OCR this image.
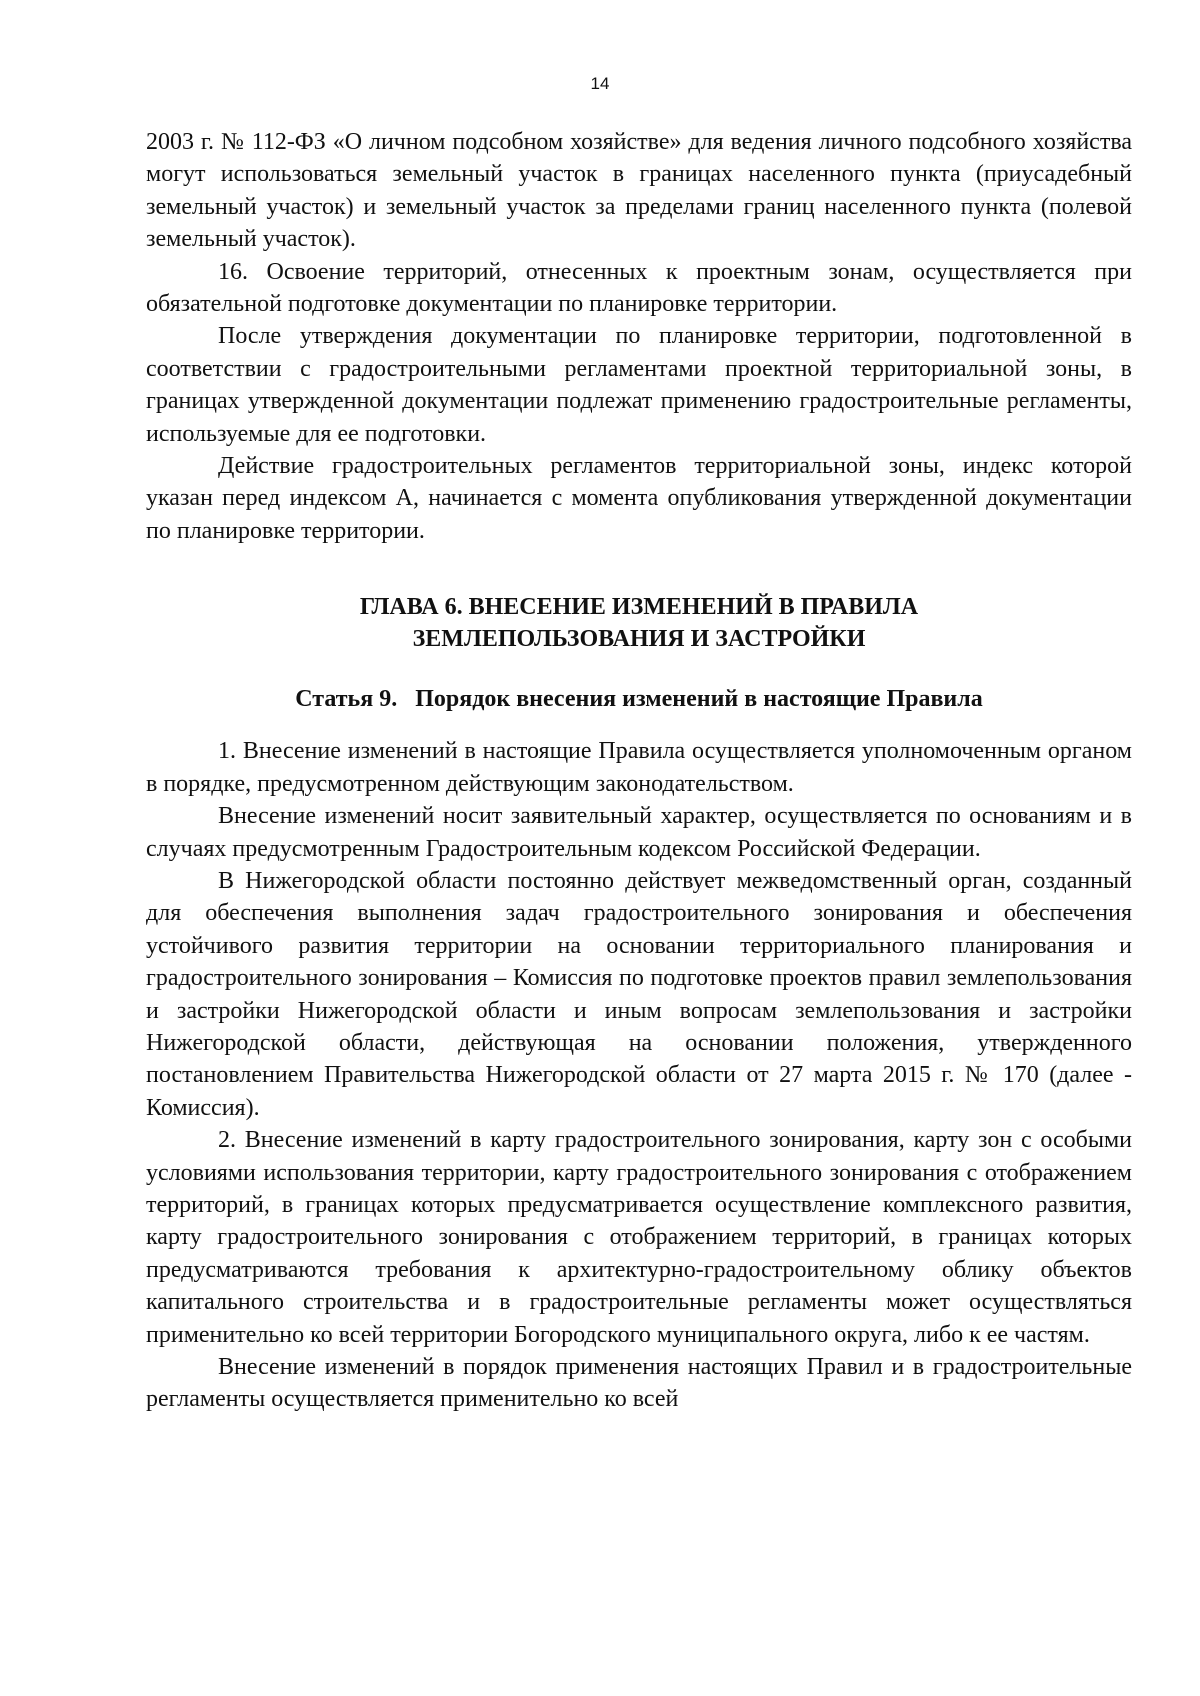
14

2003 г. № 112-ФЗ «О личном подсобном хозяйстве» для ведения личного подсобного хозяйства могут использоваться земельный участок в границах населенного пункта (приусадебный земельный участок) и земельный участок за пределами границ населенного пункта (полевой земельный участок).

16. Освоение территорий, отнесенных к проектным зонам, осуществляется при обязательной подготовке документации по планировке территории.

После утверждения документации по планировке территории, подготовленной в соответствии с градостроительными регламентами проектной территориальной зоны, в границах утвержденной документации подлежат применению градостроительные регламенты, используемые для ее подготовки.

Действие градостроительных регламентов территориальной зоны, индекс которой указан перед индексом А, начинается с момента опубликования утвержденной документации по планировке территории.

ГЛАВА 6. ВНЕСЕНИЕ ИЗМЕНЕНИЙ В ПРАВИЛА
ЗЕМЛЕПОЛЬЗОВАНИЯ И ЗАСТРОЙКИ
Статья 9.   Порядок внесения изменений в настоящие Правила

1. Внесение изменений в настоящие Правила осуществляется уполномоченным органом в порядке, предусмотренном действующим законодательством.

Внесение изменений носит заявительный характер, осуществляется по основаниям и в случаях предусмотренным Градостроительным кодексом Российской Федерации.

В Нижегородской области постоянно действует межведомственный орган, созданный для обеспечения выполнения задач градостроительного зонирования и обеспечения устойчивого развития территории на основании территориального планирования и градостроительного зонирования – Комиссия по подготовке проектов правил землепользования и застройки Нижегородской области и иным вопросам землепользования и застройки Нижегородской области, действующая на основании положения, утвержденного постановлением Правительства Нижегородской области от 27 марта 2015 г. № 170 (далее - Комиссия).

2. Внесение изменений в карту градостроительного зонирования, карту зон с особыми условиями использования территории, карту градостроительного зонирования с отображением территорий, в границах которых предусматривается осуществление комплексного развития, карту градостроительного зонирования с отображением территорий, в границах которых предусматриваются требования к архитектурно-градостроительному облику объектов капитального строительства и в градостроительные регламенты может осуществляться применительно ко всей территории Богородского муниципального округа, либо к ее частям.

Внесение изменений в порядок применения настоящих Правил и в градостроительные регламенты осуществляется применительно ко всей
